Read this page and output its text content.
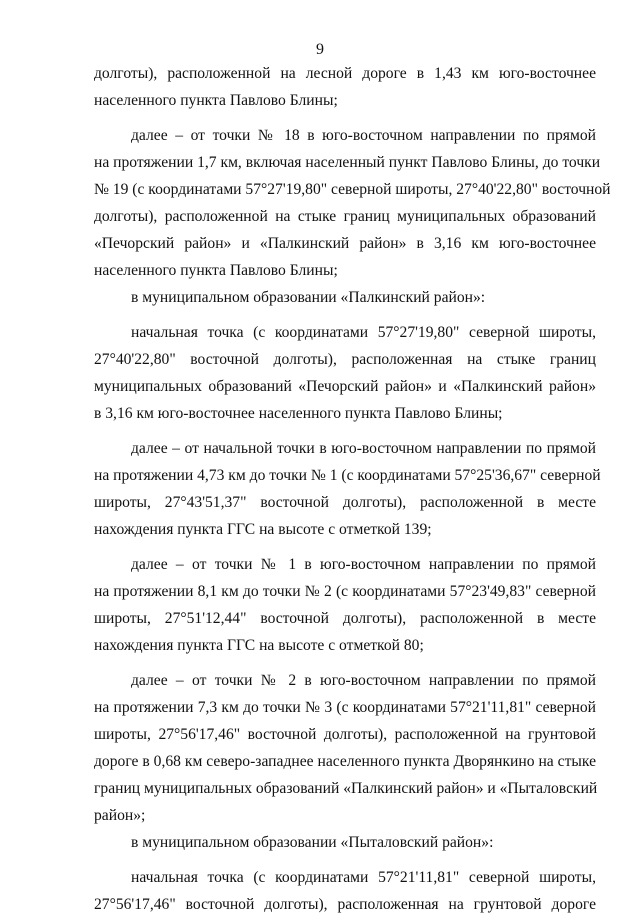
9
долготы), расположенной на лесной дороге в 1,43 км юго-восточнее
населенного пункта Павлово Блины;
далее – от точки № 18 в юго-восточном направлении по прямой
на протяжении 1,7 км, включая населенный пункт Павлово Блины, до точки
№ 19 (с координатами 57°27'19,80" северной широты, 27°40'22,80" восточной
долготы), расположенной на стыке границ муниципальных образований
«Печорский район» и «Палкинский район» в 3,16 км юго-восточнее
населенного пункта Павлово Блины;
в муниципальном образовании «Палкинский район»:
начальная точка (с координатами 57°27'19,80" северной широты,
27°40'22,80" восточной долготы), расположенная на стыке границ
муниципальных образований «Печорский район» и «Палкинский район»
в 3,16 км юго-восточнее населенного пункта Павлово Блины;
далее – от начальной точки в юго-восточном направлении по прямой
на протяжении 4,73 км до точки № 1 (с координатами 57°25'36,67" северной
широты, 27°43'51,37" восточной долготы), расположенной в месте
нахождения пункта ГГС на высоте с отметкой 139;
далее – от точки № 1 в юго-восточном направлении по прямой
на протяжении 8,1 км до точки № 2 (с координатами 57°23'49,83" северной
широты, 27°51'12,44" восточной долготы), расположенной в месте
нахождения пункта ГГС на высоте с отметкой 80;
далее – от точки № 2 в юго-восточном направлении по прямой
на протяжении 7,3 км до точки № 3 (с координатами 57°21'11,81" северной
широты, 27°56'17,46" восточной долготы), расположенной на грунтовой
дороге в 0,68 км северо-западнее населенного пункта Дворянкино на стыке
границ муниципальных образований «Палкинский район» и «Пыталовский
район»;
в муниципальном образовании «Пыталовский район»:
начальная точка (с координатами 57°21'11,81" северной широты,
27°56'17,46" восточной долготы), расположенная на грунтовой дороге
